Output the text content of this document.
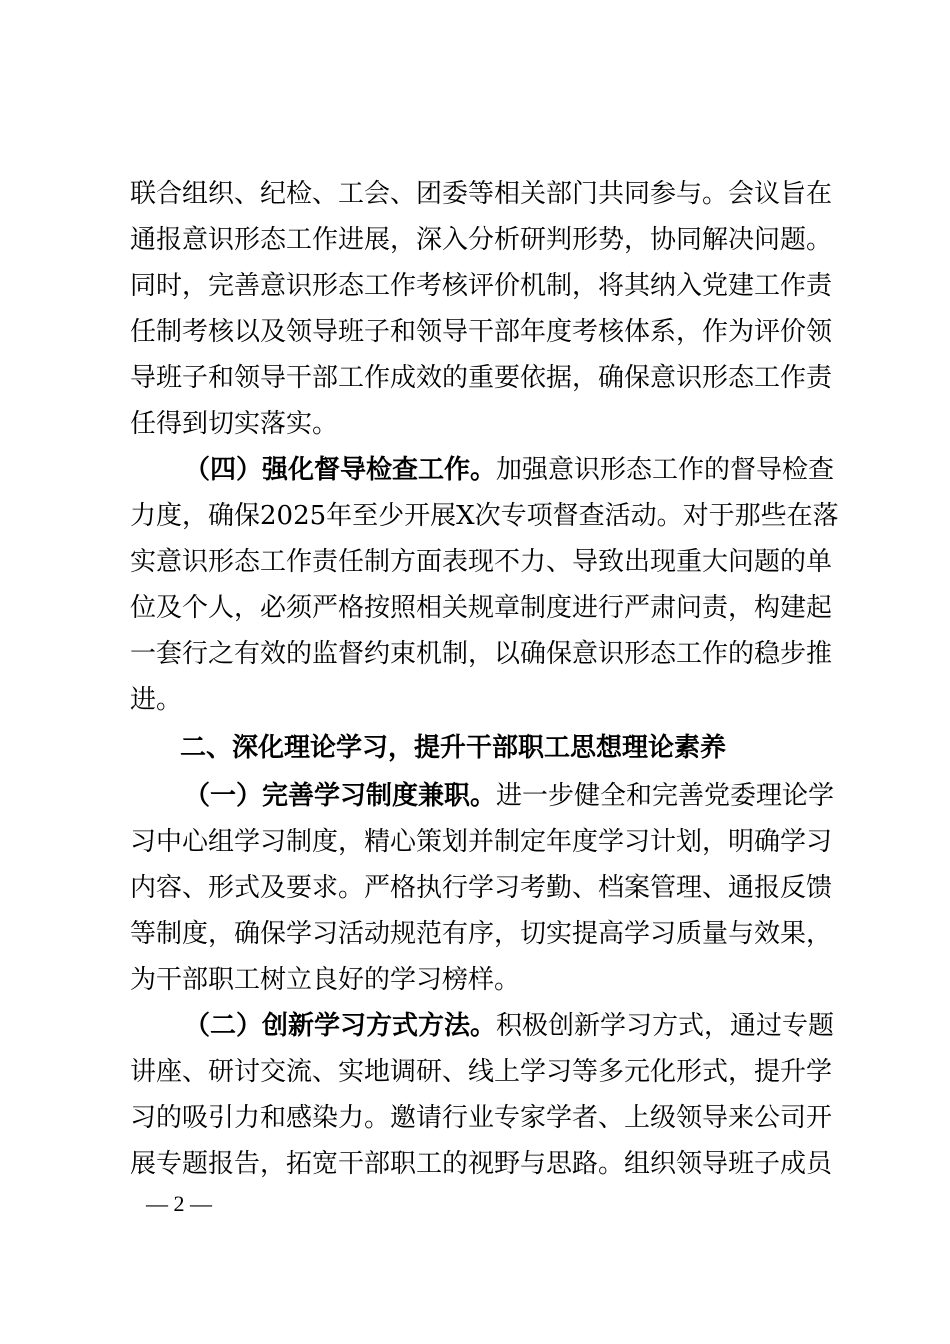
联合组织、纪检、工会、团委等相关部门共同参与。会议旨在
通报意识形态工作进展，深入分析研判形势，协同解决问题。
同时，完善意识形态工作考核评价机制，将其纳入党建工作责
任制考核以及领导班子和领导干部年度考核体系，作为评价领
导班子和领导干部工作成效的重要依据，确保意识形态工作责
任得到切实落实。
（四）强化督导检查工作。加强意识形态工作的督导检查
力度，确保2025年至少开展X次专项督查活动。对于那些在落
实意识形态工作责任制方面表现不力、导致出现重大问题的单
位及个人，必须严格按照相关规章制度进行严肃问责，构建起
一套行之有效的监督约束机制，以确保意识形态工作的稳步推
进。
二、深化理论学习，提升干部职工思想理论素养
（一）完善学习制度兼职。进一步健全和完善党委理论学
习中心组学习制度，精心策划并制定年度学习计划，明确学习
内容、形式及要求。严格执行学习考勤、档案管理、通报反馈
等制度，确保学习活动规范有序，切实提高学习质量与效果，
为干部职工树立良好的学习榜样。
（二）创新学习方式方法。积极创新学习方式，通过专题
讲座、研讨交流、实地调研、线上学习等多元化形式，提升学
习的吸引力和感染力。邀请行业专家学者、上级领导来公司开
展专题报告，拓宽干部职工的视野与思路。组织领导班子成员
— 2 —
